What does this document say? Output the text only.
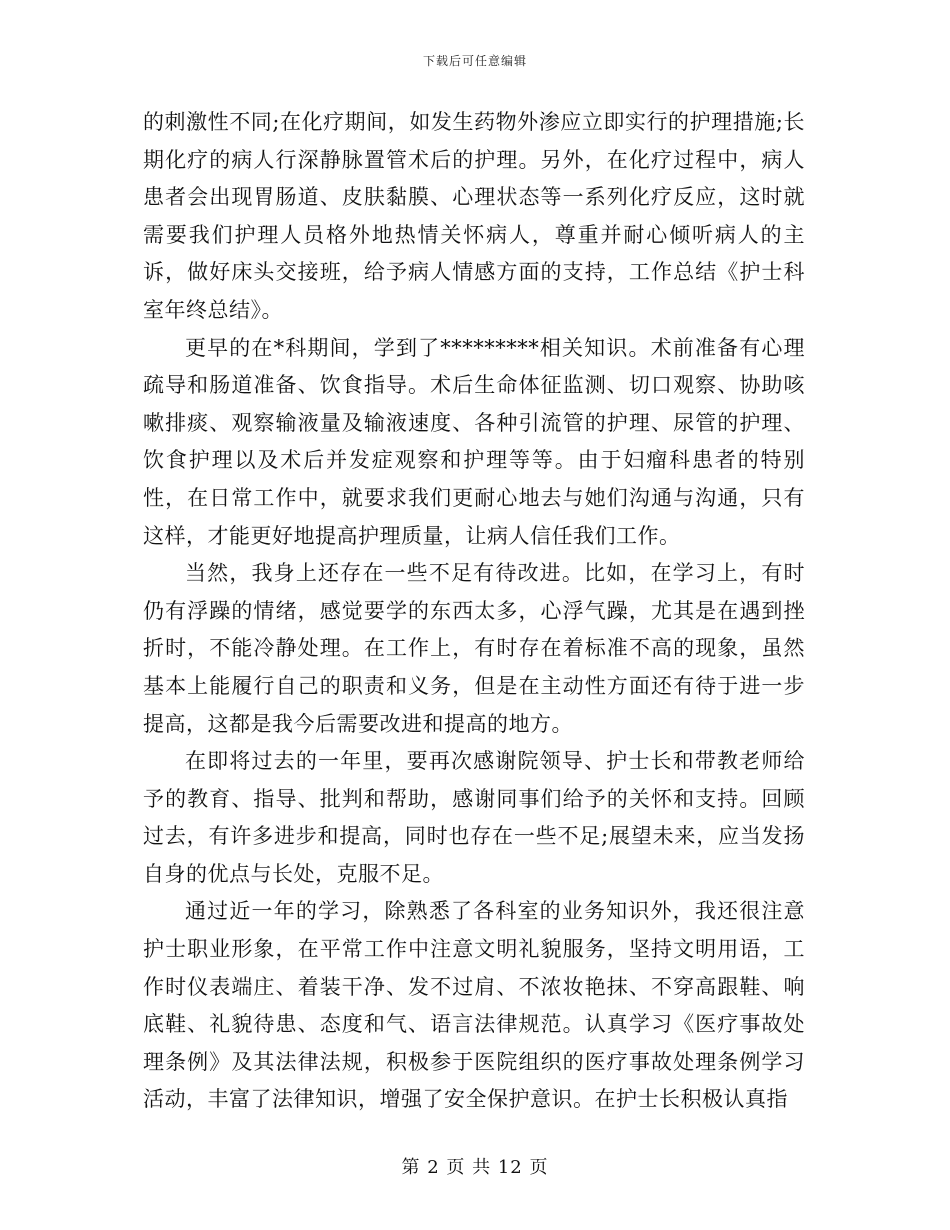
下载后可任意编辑

的刺激性不同;在化疗期间，如发生药物外渗应立即实行的护理措施;长期化疗的病人行深静脉置管术后的护理。另外，在化疗过程中，病人患者会出现胃肠道、皮肤黏膜、心理状态等一系列化疗反应，这时就需要我们护理人员格外地热情关怀病人，尊重并耐心倾听病人的主诉，做好床头交接班，给予病人情感方面的支持，工作总结《护士科室年终总结》。

更早的在*科期间，学到了*********相关知识。术前准备有心理疏导和肠道准备、饮食指导。术后生命体征监测、切口观察、协助咳嗽排痰、观察输液量及输液速度、各种引流管的护理、尿管的护理、饮食护理以及术后并发症观察和护理等等。由于妇瘤科患者的特别性，在日常工作中，就要求我们更耐心地去与她们沟通与沟通，只有这样，才能更好地提高护理质量，让病人信任我们工作。

当然，我身上还存在一些不足有待改进。比如，在学习上，有时仍有浮躁的情绪，感觉要学的东西太多，心浮气躁，尤其是在遇到挫折时，不能冷静处理。在工作上，有时存在着标准不高的现象，虽然基本上能履行自己的职责和义务，但是在主动性方面还有待于进一步提高，这都是我今后需要改进和提高的地方。

在即将过去的一年里，要再次感谢院领导、护士长和带教老师给予的教育、指导、批判和帮助，感谢同事们给予的关怀和支持。回顾过去，有许多进步和提高，同时也存在一些不足;展望未来，应当发扬自身的优点与长处，克服不足。

通过近一年的学习，除熟悉了各科室的业务知识外，我还很注意护士职业形象，在平常工作中注意文明礼貌服务，坚持文明用语，工作时仪表端庄、着装干净、发不过肩、不浓妆艳抹、不穿高跟鞋、响底鞋、礼貌待患、态度和气、语言法律规范。认真学习《医疗事故处理条例》及其法律法规，积极参于医院组织的医疗事故处理条例学习活动，丰富了法律知识，增强了安全保护意识。在护士长积极认真指

第 2 页 共 12 页
